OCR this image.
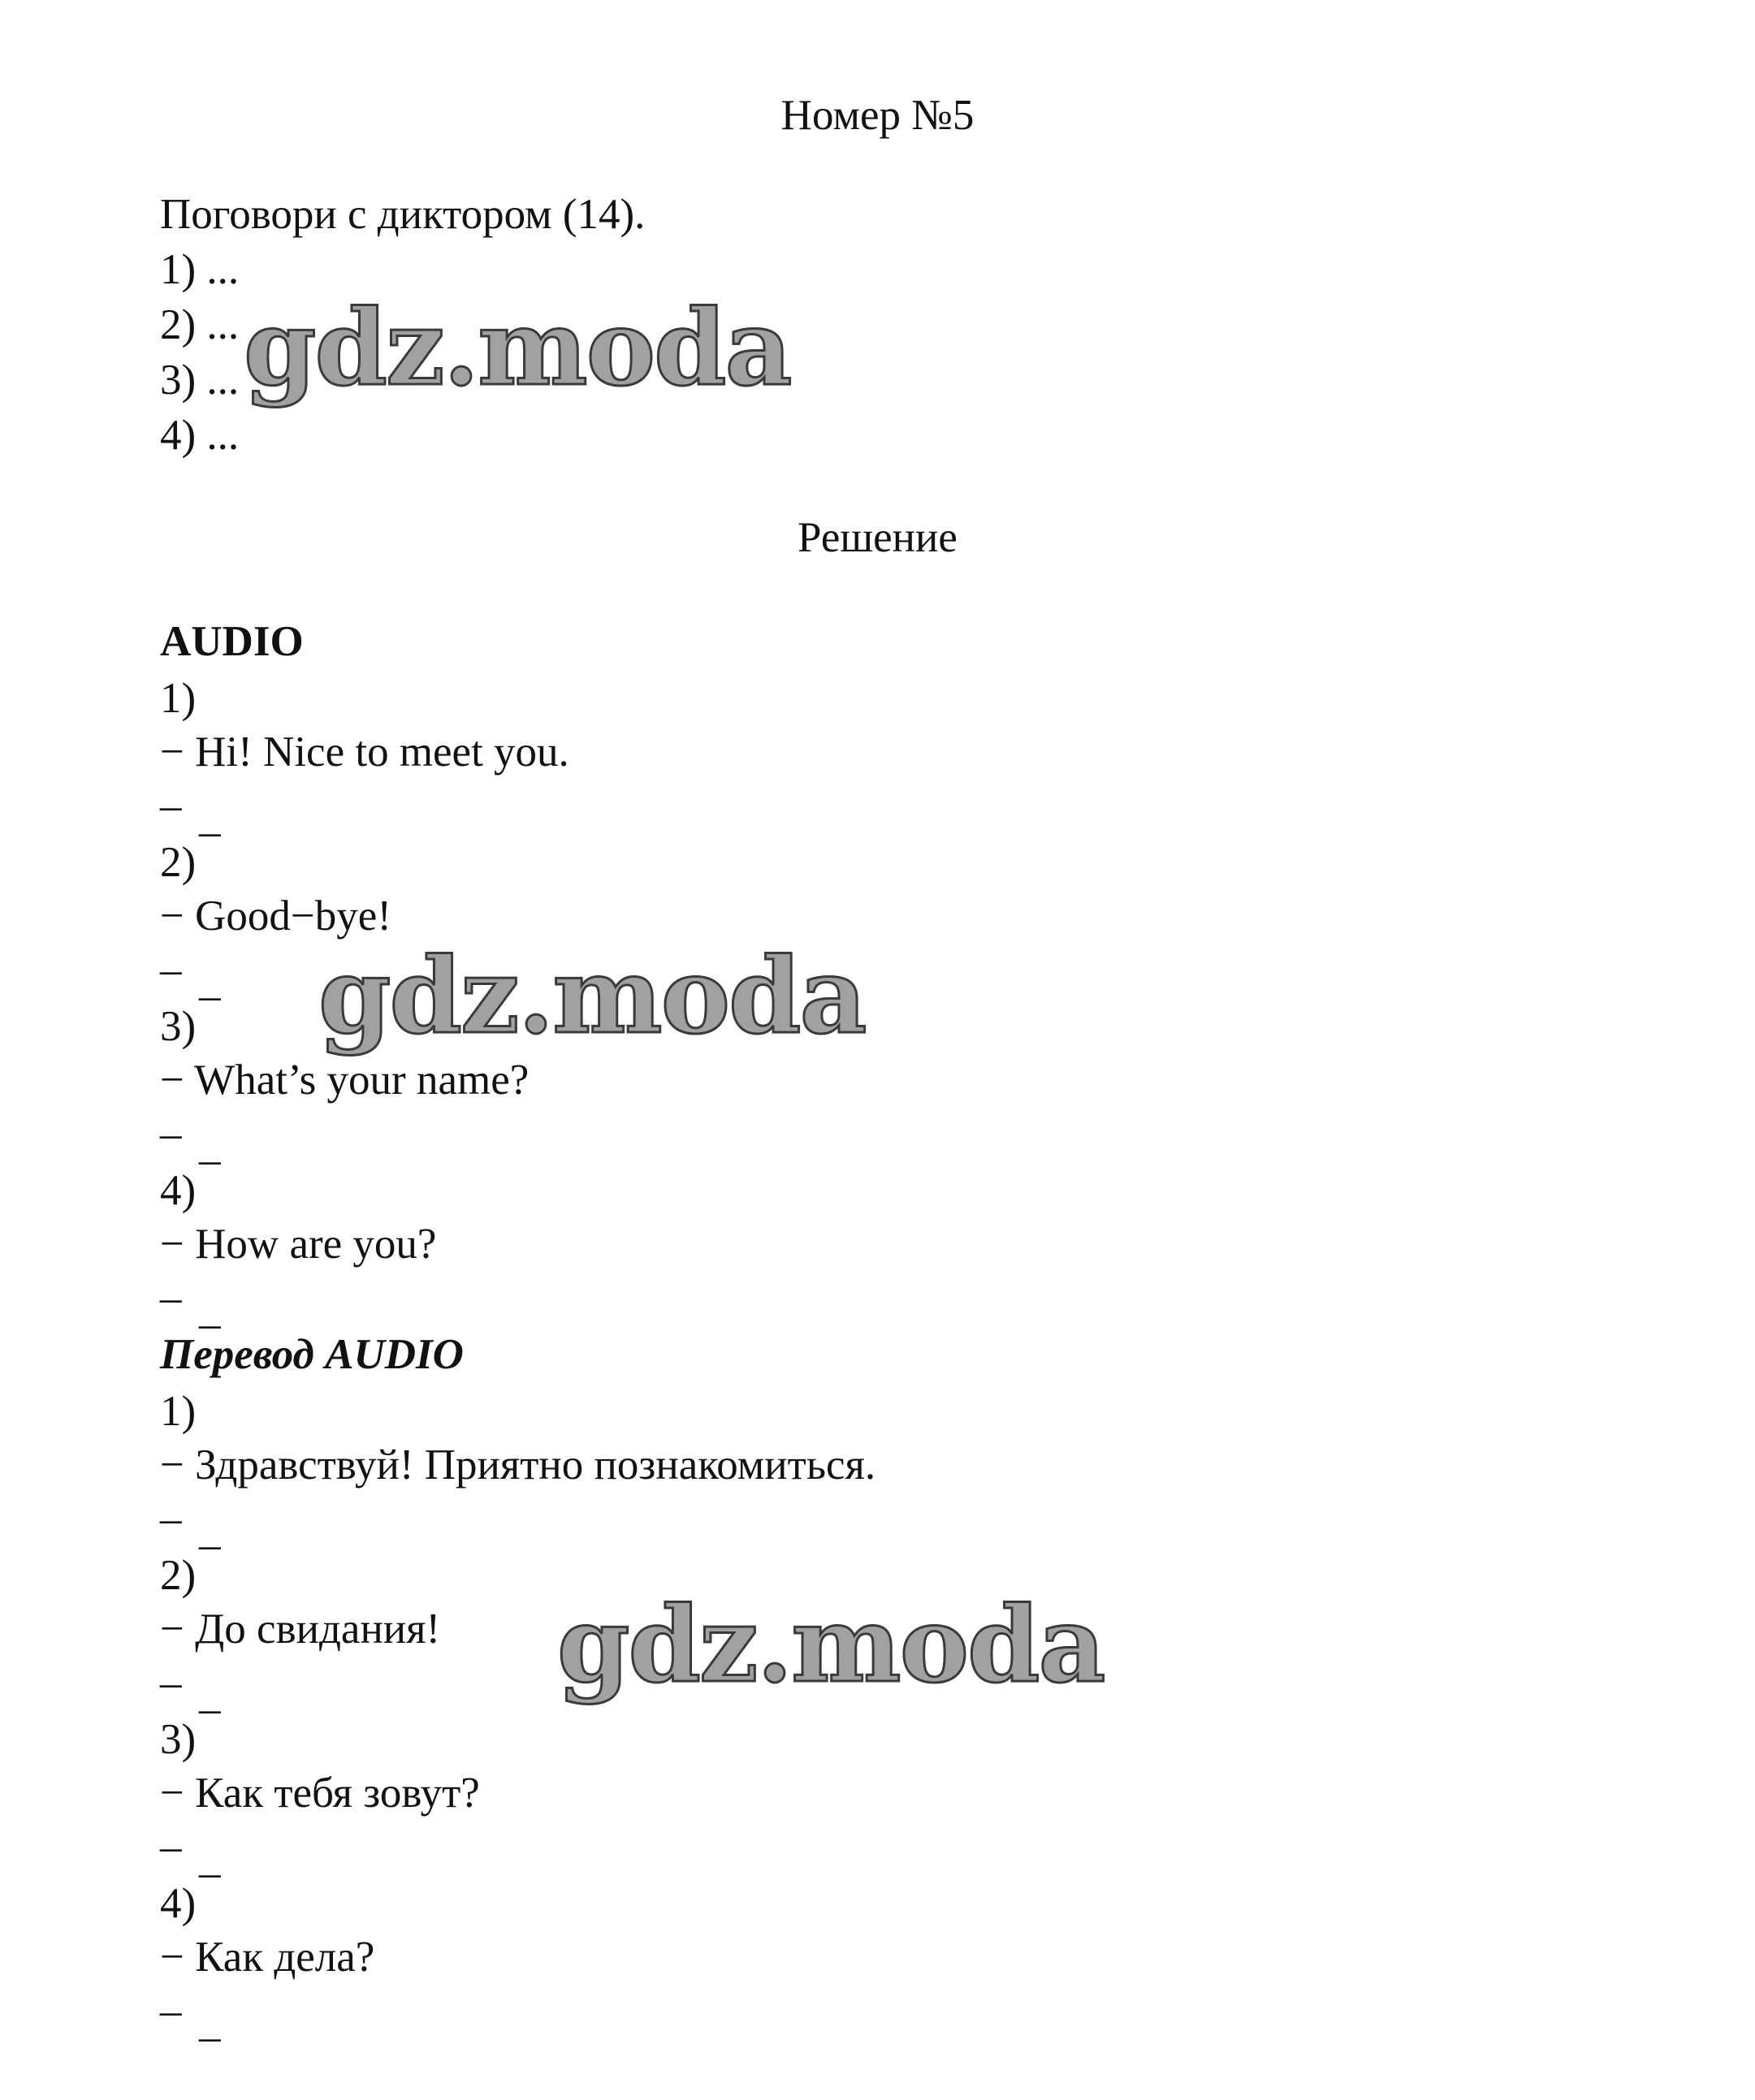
Номер №5
Поговори с диктором (14).
1) ...
2) ...
3) ...
4) ...
Решение
AUDIO
1)
− Hi! Nice to meet you.
– _
2)
− Good−bye!
– _
3)
− What’s your name?
– _
4)
− How are you?
– _
Перевод AUDIO
1)
− Здравствуй! Приятно познакомиться.
– _
2)
− До свидания!
– _
3)
− Как тебя зовут?
– _
4)
− Как дела?
– _
gdz.moda
gdz.moda
gdz.moda
